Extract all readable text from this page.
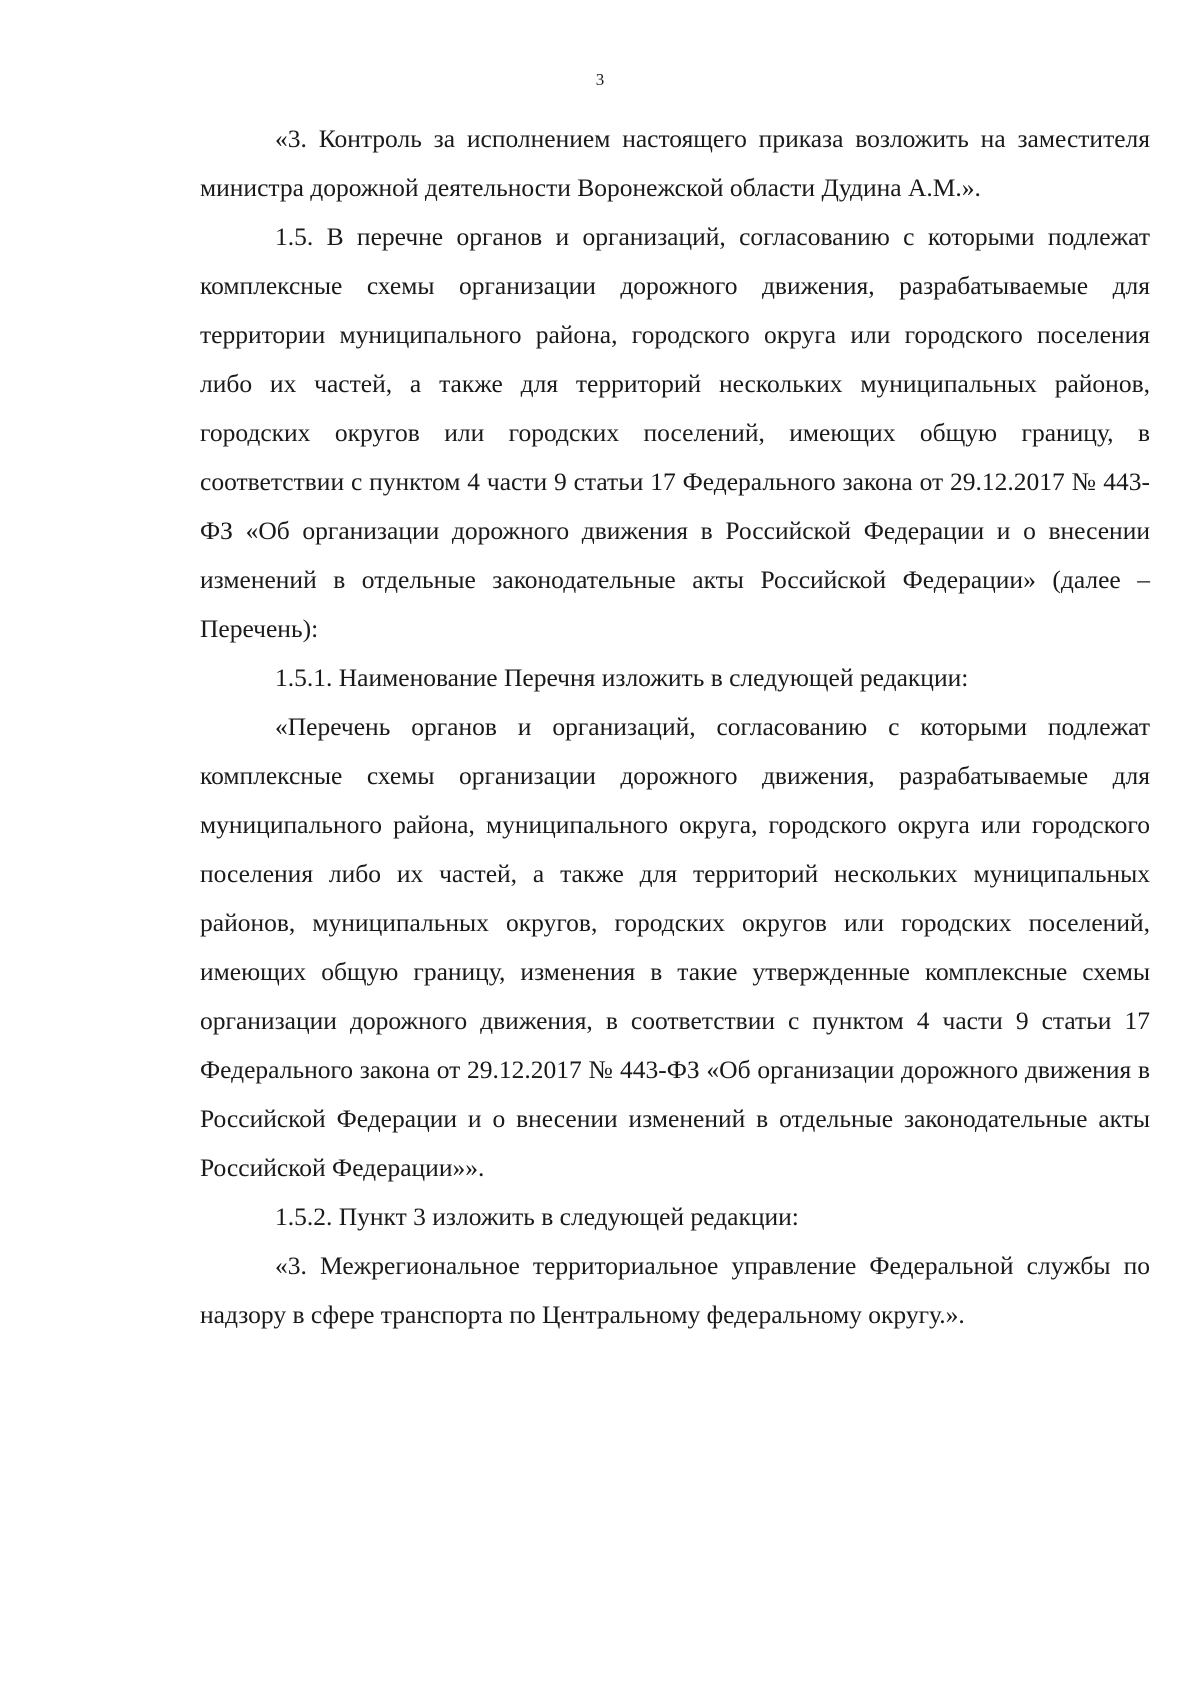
3

«3. Контроль за исполнением настоящего приказа возложить на заместителя министра дорожной деятельности Воронежской области Дудина А.М.».

1.5. В перечне органов и организаций, согласованию с которыми подлежат комплексные схемы организации дорожного движения, разрабатываемые для территории муниципального района, городского округа или городского поселения либо их частей, а также для территорий нескольких муниципальных районов, городских округов или городских поселений, имеющих общую границу, в соответствии с пунктом 4 части 9 статьи 17 Федерального закона от 29.12.2017 № 443-ФЗ «Об организации дорожного движения в Российской Федерации и о внесении изменений в отдельные законодательные акты Российской Федерации» (далее – Перечень):

1.5.1. Наименование Перечня изложить в следующей редакции:

«Перечень органов и организаций, согласованию с которыми подлежат комплексные схемы организации дорожного движения, разрабатываемые для муниципального района, муниципального округа, городского округа или городского поселения либо их частей, а также для территорий нескольких муниципальных районов, муниципальных округов, городских округов или городских поселений, имеющих общую границу, изменения в такие утвержденные комплексные схемы организации дорожного движения, в соответствии с пунктом 4 части 9 статьи 17 Федерального закона от 29.12.2017 № 443-ФЗ «Об организации дорожного движения в Российской Федерации и о внесении изменений в отдельные законодательные акты Российской Федерации»».

1.5.2. Пункт 3 изложить в следующей редакции:

«3. Межрегиональное территориальное управление Федеральной службы по надзору в сфере транспорта по Центральному федеральному округу.».
